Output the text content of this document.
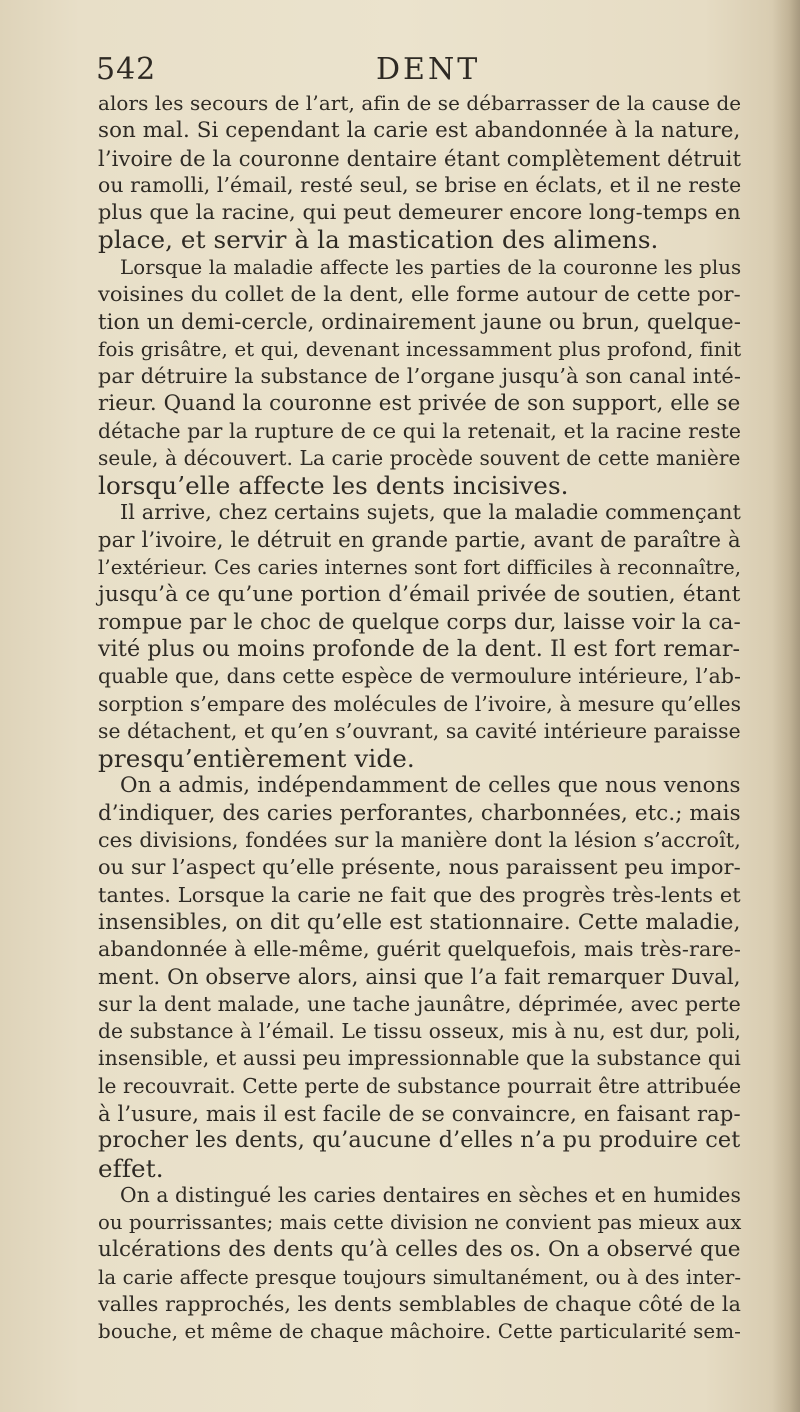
542	DENT
alors les secours de l’art, afin de se débarrasser de la cause de
son mal. Si cependant la carie est abandonnée à la nature,
l’ivoire de la couronne dentaire étant complètement détruit
ou ramolli, l’émail, resté seul, se brise en éclats, et il ne reste
plus que la racine, qui peut demeurer encore long-temps en
place, et servir à la mastication des alimens.
Lorsque la maladie affecte les parties de la couronne les plus
voisines du collet de la dent, elle forme autour de cette por-
tion un demi-cercle, ordinairement jaune ou brun, quelque-
fois grisâtre, et qui, devenant incessamment plus profond, finit
par détruire la substance de l’organe jusqu’à son canal inté-
rieur. Quand la couronne est privée de son support, elle se
détache par la rupture de ce qui la retenait, et la racine reste
seule, à découvert. La carie procède souvent de cette manière
lorsqu’elle affecte les dents incisives.
Il arrive, chez certains sujets, que la maladie commençant
par l’ivoire, le détruit en grande partie, avant de paraître à
l’extérieur. Ces caries internes sont fort difficiles à reconnaître,
jusqu’à ce qu’une portion d’émail privée de soutien, étant
rompue par le choc de quelque corps dur, laisse voir la ca-
vité plus ou moins profonde de la dent. Il est fort remar-
quable que, dans cette espèce de vermoulure intérieure, l’ab-
sorption s’empare des molécules de l’ivoire, à mesure qu’elles
se détachent, et qu’en s’ouvrant, sa cavité intérieure paraisse
presqu’entièrement vide.
On a admis, indépendamment de celles que nous venons
d’indiquer, des caries perforantes, charbonnées, etc.; mais
ces divisions, fondées sur la manière dont la lésion s’accroît,
ou sur l’aspect qu’elle présente, nous paraissent peu impor-
tantes. Lorsque la carie ne fait que des progrès très-lents et
insensibles, on dit qu’elle est stationnaire. Cette maladie,
abandonnée à elle-même, guérit quelquefois, mais très-rare-
ment. On observe alors, ainsi que l’a fait remarquer Duval,
sur la dent malade, une tache jaunâtre, déprimée, avec perte
de substance à l’émail. Le tissu osseux, mis à nu, est dur, poli,
insensible, et aussi peu impressionnable que la substance qui
le recouvrait. Cette perte de substance pourrait être attribuée
à l’usure, mais il est facile de se convaincre, en faisant rap-
procher les dents, qu’aucune d’elles n’a pu produire cet
effet.
On a distingué les caries dentaires en sèches et en humides
ou pourrissantes; mais cette division ne convient pas mieux aux
ulcérations des dents qu’à celles des os. On a observé que
la carie affecte presque toujours simultanément, ou à des inter-
valles rapprochés, les dents semblables de chaque côté de la
bouche, et même de chaque mâchoire. Cette particularité sem-
